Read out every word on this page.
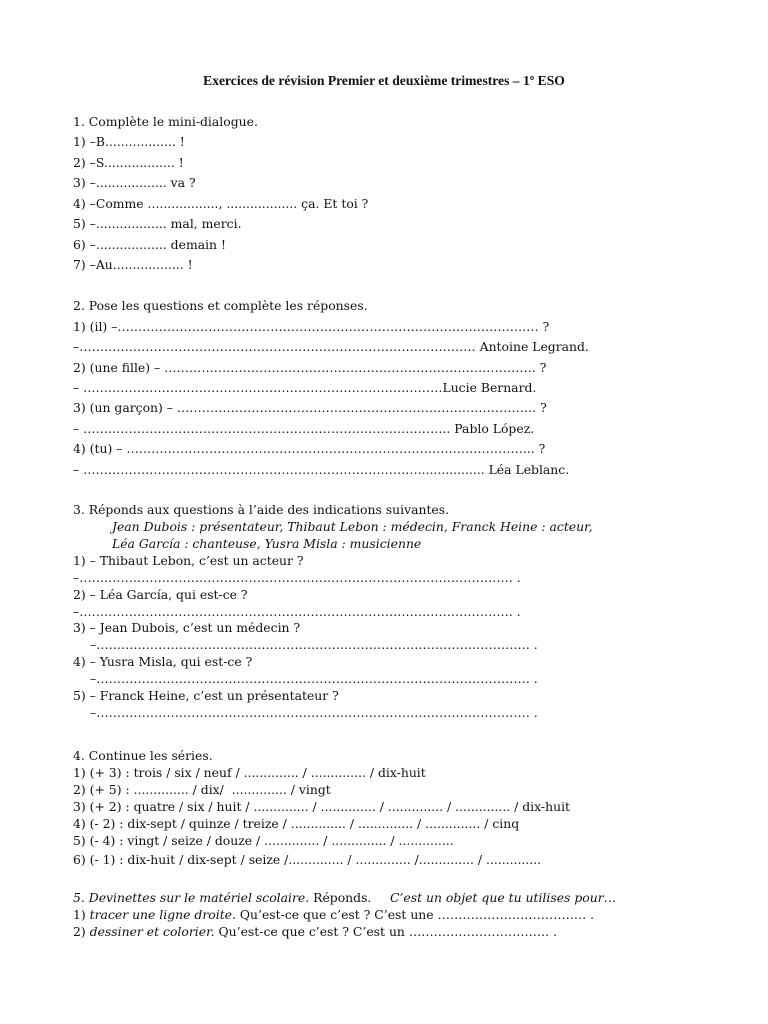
Exercices de révision Premier et deuxième trimestres – 1º ESO
1. Complète le mini-dialogue.
1) –B.................. !
2) –S.................. !
3) –.................. va ?
4) –Comme .................., .................. ça. Et toi ?
5) –.................. mal, merci.
6) –.................. demain !
7) –Au.................. !
2. Pose les questions et complète les réponses.
1) (il) –………………………………………………………………………………………… ?
–…………………………………………………………………………………… Antoine Legrand.
2) (une fille) – ……………………………………………………………………………… ?
– ……………………………………………………………………………Lucie Bernard.
3) (un garçon) – …………………………………………………………………………… ?
– …………………………………………………………………………….. Pablo López.
4) (tu) – ……………………………………………………………………………………... ?
– ………………………………………………………………………................. Léa Leblanc.
3. Réponds aux questions à l’aide des indications suivantes.
Jean Dubois : présentateur, Thibaut Lebon : médecin, Franck Heine : acteur,
Léa García : chanteuse, Yusra Misla : musicienne
1) – Thibaut Lebon, c’est un acteur ?
–…………………………………………………………………………………………… .
2) – Léa García, qui est-ce ?
–…………………………………………………………………………………………… .
3) – Jean Dubois, c’est un médecin ?
–…………………………………………………………………………………………… .
4) – Yusra Misla, qui est-ce ?
–…………………………………………………………………………………………… .
5) – Franck Heine, c’est un présentateur ?
–…………………………………………………………………………………………… .
4. Continue les séries.
1) (+ 3) : trois / six / neuf / .............. / .............. / dix-huit
2) (+ 5) : .............. / dix/  .............. / vingt
3) (+ 2) : quatre / six / huit / .............. / .............. / .............. / .............. / dix-huit
4) (- 2) : dix-sept / quinze / treize / .............. / .............. / .............. / cinq
5) (- 4) : vingt / seize / douze / .............. / .............. / ..............
6) (- 1) : dix-huit / dix-sept / seize /.............. / .............. /.............. / ..............
5. Devinettes sur le matériel scolaire. Réponds. C’est un objet que tu utilises pour…
1) tracer une ligne droite. Qu’est-ce que c’est ? C’est une ……………………………… .
2) dessiner et colorier. Qu’est-ce que c’est ? C’est un ……………………………. .
